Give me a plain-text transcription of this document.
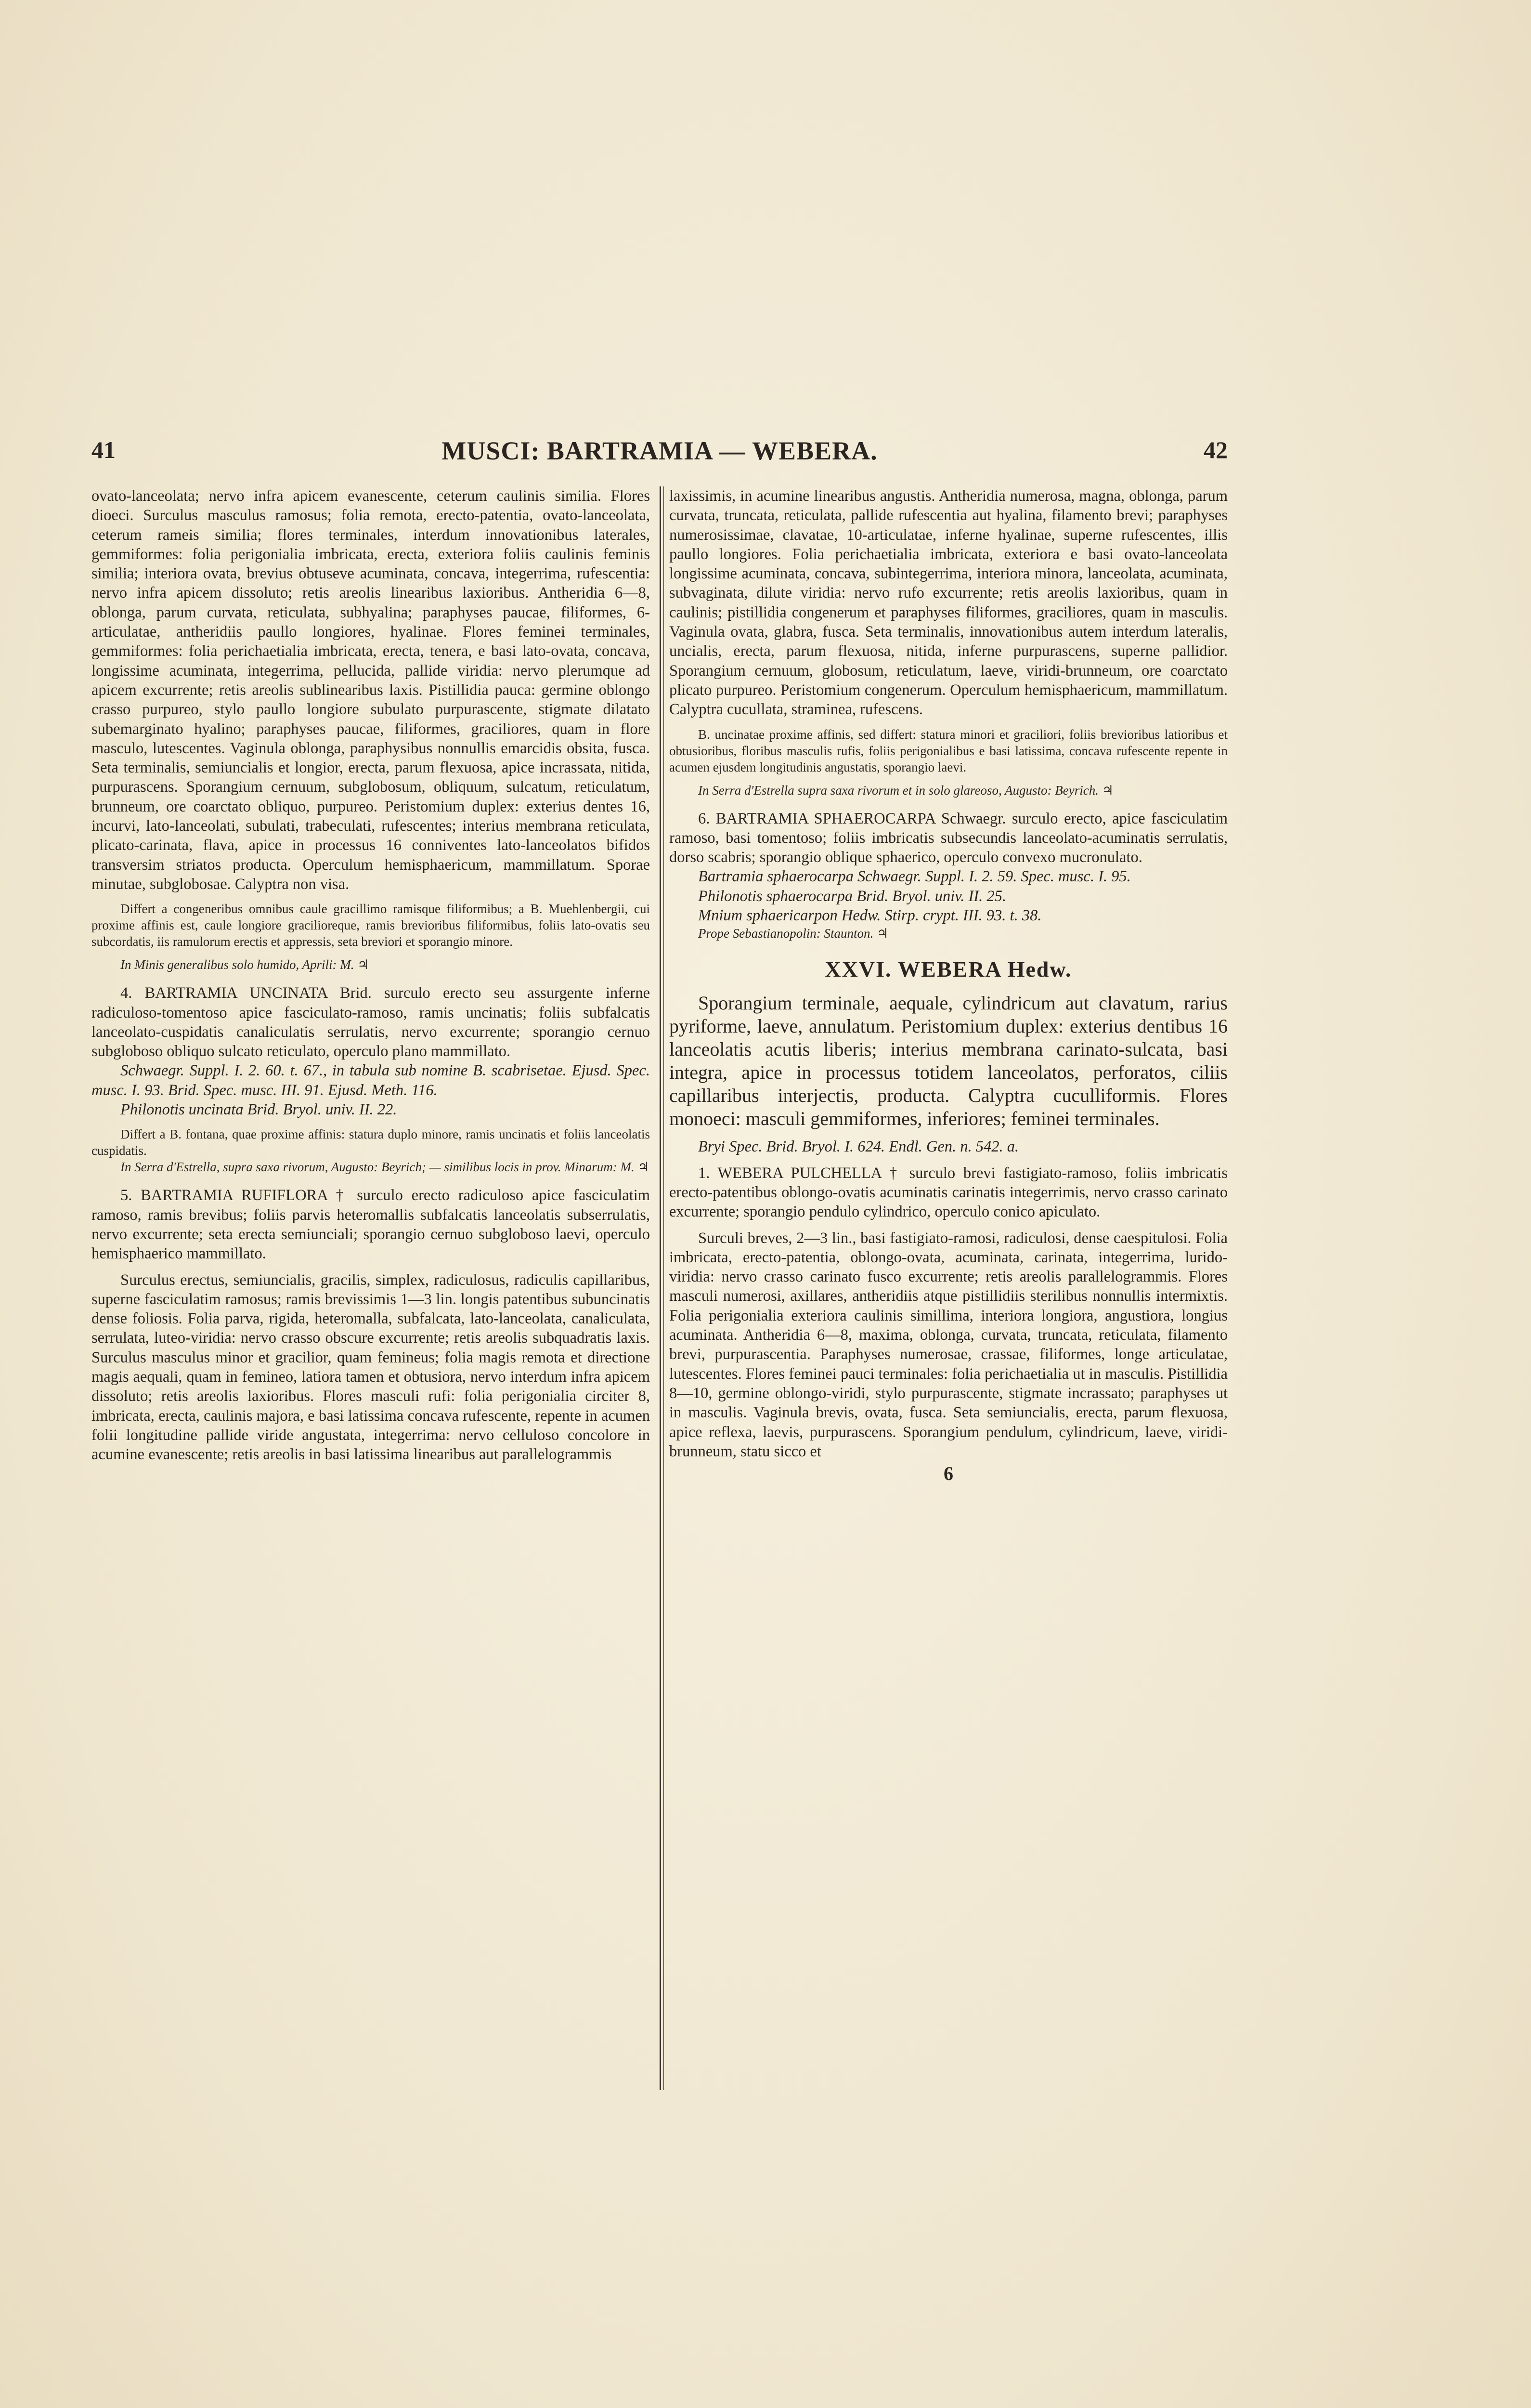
41	MUSCI: BARTRAMIA — WEBERA.	42

ovato-lanceolata; nervo infra apicem evanescente, ceterum caulinis similia. Flores dioeci. Surculus masculus ramosus; folia remota, erecto-patentia, ovato-lanceolata, ceterum rameis similia; flores terminales, interdum innovationibus laterales, gemmiformes: folia perigonialia imbricata, erecta, exteriora foliis caulinis feminis similia; interiora ovata, brevius obtuseve acuminata, concava, integerrima, rufescentia: nervo infra apicem dissoluto; retis areolis linearibus laxioribus. Antheridia 6—8, oblonga, parum curvata, reticulata, subhyalina; paraphyses paucae, filiformes, 6-articulatae, antheridiis paullo longiores, hyalinae. Flores feminei terminales, gemmiformes: folia perichaetialia imbricata, erecta, tenera, e basi lato-ovata, concava, longissime acuminata, integerrima, pellucida, pallide viridia: nervo plerumque ad apicem excurrente; retis areolis sublinearibus laxis. Pistillidia pauca: germine oblongo crasso purpureo, stylo paullo longiore subulato purpurascente, stigmate dilatato subemarginato hyalino; paraphyses paucae, filiformes, graciliores, quam in flore masculo, lutescentes. Vaginula oblonga, paraphysibus nonnullis emarcidis obsita, fusca. Seta terminalis, semiuncialis et longior, erecta, parum flexuosa, apice incrassata, nitida, purpurascens. Sporangium cernuum, subglobosum, obliquum, sulcatum, reticulatum, brunneum, ore coarctato obliquo, purpureo. Peristomium duplex: exterius dentes 16, incurvi, lato-lanceolati, subulati, trabeculati, rufescentes; interius membrana reticulata, plicato-carinata, flava, apice in processus 16 conniventes lato-lanceolatos bifidos transversim striatos producta. Operculum hemisphaericum, mammillatum. Sporae minutae, subglobosae. Calyptra non visa.

Differt a congeneribus omnibus caule gracillimo ramisque filiformibus; a B. Muehlenbergii, cui proxime affinis est, caule longiore gracilioreque, ramis brevioribus filiformibus, foliis lato-ovatis seu subcordatis, iis ramulorum erectis et appressis, seta breviori et sporangio minore.

In Minis generalibus solo humido, Aprili: M. ♃

4. BARTRAMIA UNCINATA Brid. surculo erecto seu assurgente inferne radiculoso-tomentoso apice fasciculato-ramoso, ramis uncinatis; foliis subfalcatis lanceolato-cuspidatis canaliculatis serrulatis, nervo excurrente; sporangio cernuo subgloboso obliquo sulcato reticulato, operculo plano mammillato.

Schwaegr. Suppl. I. 2. 60. t. 67., in tabula sub nomine B. scabrisetae. Ejusd. Spec. musc. I. 93. Brid. Spec. musc. III. 91. Ejusd. Meth. 116.

Philonotis uncinata Brid. Bryol. univ. II. 22.

Differt a B. fontana, quae proxime affinis: statura duplo minore, ramis uncinatis et foliis lanceolatis cuspidatis.

In Serra d'Estrella, supra saxa rivorum, Augusto: Beyrich; — similibus locis in prov. Minarum: M. ♃

5. BARTRAMIA RUFIFLORA † surculo erecto radiculoso apice fasciculatim ramoso, ramis brevibus; foliis parvis heteromallis subfalcatis lanceolatis subserrulatis, nervo excurrente; seta erecta semiunciali; sporangio cernuo subgloboso laevi, operculo hemisphaerico mammillato.

Surculus erectus, semiuncialis, gracilis, simplex, radiculosus, radiculis capillaribus, superne fasciculatim ramosus; ramis brevissimis 1—3 lin. longis patentibus subuncinatis dense foliosis. Folia parva, rigida, heteromalla, subfalcata, lato-lanceolata, canaliculata, serrulata, luteo-viridia: nervo crasso obscure excurrente; retis areolis subquadratis laxis. Surculus masculus minor et gracilior, quam femineus; folia magis remota et directione magis aequali, quam in femineo, latiora tamen et obtusiora, nervo interdum infra apicem dissoluto; retis areolis laxioribus. Flores masculi rufi: folia perigonialia circiter 8, imbricata, erecta, caulinis majora, e basi latissima concava rufescente, repente in acumen folii longitudine pallide viride angustata, integerrima: nervo celluloso concolore in acumine evanescente; retis areolis in basi latissima linearibus aut parallelogrammis

laxissimis, in acumine linearibus angustis. Antheridia numerosa, magna, oblonga, parum curvata, truncata, reticulata, pallide rufescentia aut hyalina, filamento brevi; paraphyses numerosissimae, clavatae, 10-articulatae, inferne hyalinae, superne rufescentes, illis paullo longiores. Folia perichaetialia imbricata, exteriora e basi ovato-lanceolata longissime acuminata, concava, subintegerrima, interiora minora, lanceolata, acuminata, subvaginata, dilute viridia: nervo rufo excurrente; retis areolis laxioribus, quam in caulinis; pistillidia congenerum et paraphyses filiformes, graciliores, quam in masculis. Vaginula ovata, glabra, fusca. Seta terminalis, innovationibus autem interdum lateralis, uncialis, erecta, parum flexuosa, nitida, inferne purpurascens, superne pallidior. Sporangium cernuum, globosum, reticulatum, laeve, viridi-brunneum, ore coarctato plicato purpureo. Peristomium congenerum. Operculum hemisphaericum, mammillatum. Calyptra cucullata, straminea, rufescens.

B. uncinatae proxime affinis, sed differt: statura minori et graciliori, foliis brevioribus latioribus et obtusioribus, floribus masculis rufis, foliis perigonialibus e basi latissima, concava rufescente repente in acumen ejusdem longitudinis angustatis, sporangio laevi.

In Serra d'Estrella supra saxa rivorum et in solo glareoso, Augusto: Beyrich. ♃

6. BARTRAMIA SPHAEROCARPA Schwaegr. surculo erecto, apice fasciculatim ramoso, basi tomentoso; foliis imbricatis subsecundis lanceolato-acuminatis serrulatis, dorso scabris; sporangio oblique sphaerico, operculo convexo mucronulato.

Bartramia sphaerocarpa Schwaegr. Suppl. I. 2. 59. Spec. musc. I. 95.

Philonotis sphaerocarpa Brid. Bryol. univ. II. 25.

Mnium sphaericarpon Hedw. Stirp. crypt. III. 93. t. 38.

Prope Sebastianopolin: Staunton. ♃

XXVI. WEBERA Hedw.

Sporangium terminale, aequale, cylindricum aut clavatum, rarius pyriforme, laeve, annulatum. Peristomium duplex: exterius dentibus 16 lanceolatis acutis liberis; interius membrana carinato-sulcata, basi integra, apice in processus totidem lanceolatos, perforatos, ciliis capillaribus interjectis, producta. Calyptra cuculliformis. Flores monoeci: masculi gemmiformes, inferiores; feminei terminales.

Bryi Spec. Brid. Bryol. I. 624. Endl. Gen. n. 542. a.

1. WEBERA PULCHELLA † surculo brevi fastigiato-ramoso, foliis imbricatis erecto-patentibus oblongo-ovatis acuminatis carinatis integerrimis, nervo crasso carinato excurrente; sporangio pendulo cylindrico, operculo conico apiculato.

Surculi breves, 2—3 lin., basi fastigiato-ramosi, radiculosi, dense caespitulosi. Folia imbricata, erecto-patentia, oblongo-ovata, acuminata, carinata, integerrima, lurido-viridia: nervo crasso carinato fusco excurrente; retis areolis parallelogrammis. Flores masculi numerosi, axillares, antheridiis atque pistillidiis sterilibus nonnullis intermixtis. Folia perigonialia exteriora caulinis simillima, interiora longiora, angustiora, longius acuminata. Antheridia 6—8, maxima, oblonga, curvata, truncata, reticulata, filamento brevi, purpurascentia. Paraphyses numerosae, crassae, filiformes, longe articulatae, lutescentes. Flores feminei pauci terminales: folia perichaetialia ut in masculis. Pistillidia 8—10, germine oblongo-viridi, stylo purpurascente, stigmate incrassato; paraphyses ut in masculis. Vaginula brevis, ovata, fusca. Seta semiuncialis, erecta, parum flexuosa, apice reflexa, laevis, purpurascens. Sporangium pendulum, cylindricum, laeve, viridi-brunneum, statu sicco et

6
